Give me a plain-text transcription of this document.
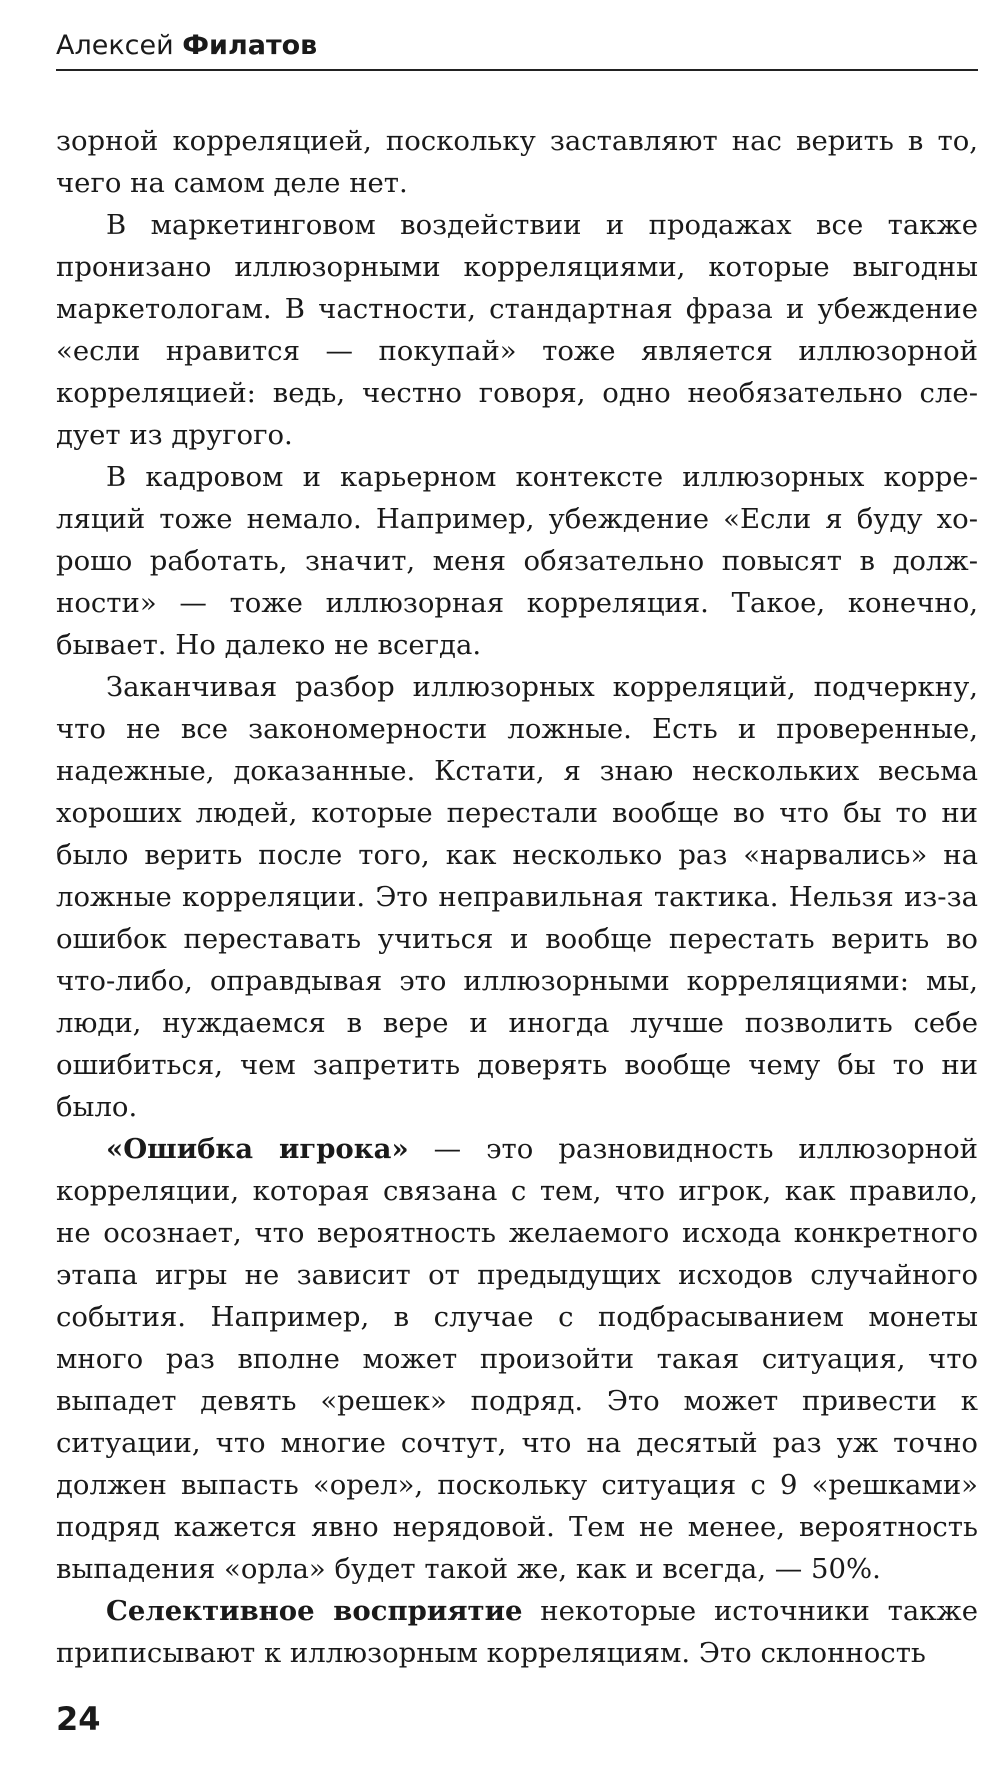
Алексей Филатов

зорной корреляцией, поскольку заставляют нас верить в то, чего на самом деле нет.

В маркетинговом воздействии и продажах все также пронизано иллюзорными корреляциями, которые выгодны маркетологам. В частности, стандартная фраза и убеждение «если нравится — покупай» тоже является иллюзорной корреляцией: ведь, честно говоря, одно необязательно следует из другого.

В кадровом и карьерном контексте иллюзорных корреляций тоже немало. Например, убеждение «Если я буду хорошо работать, значит, меня обязательно повысят в должности» — тоже иллюзорная корреляция. Такое, конечно, бывает. Но далеко не всегда.

Заканчивая разбор иллюзорных корреляций, подчеркну, что не все закономерности ложные. Есть и проверенные, надежные, доказанные. Кстати, я знаю нескольких весьма хороших людей, которые перестали вообще во что бы то ни было верить после того, как несколько раз «нарвались» на ложные корреляции. Это неправильная тактика. Нельзя из-за ошибок переставать учиться и вообще перестать верить во что-либо, оправдывая это иллюзорными корреляциями: мы, люди, нуждаемся в вере и иногда лучше позволить себе ошибиться, чем запретить доверять вообще чему бы то ни было.

«Ошибка игрока» — это разновидность иллюзорной корреляции, которая связана с тем, что игрок, как правило, не осознает, что вероятность желаемого исхода конкретного этапа игры не зависит от предыдущих исходов случайного события. Например, в случае с подбрасыванием монеты много раз вполне может произойти такая ситуация, что выпадет девять «решек» подряд. Это может привести к ситуации, что многие сочтут, что на десятый раз уж точно должен выпасть «орел», поскольку ситуация с 9 «решками» подряд кажется явно нерядовой. Тем не менее, вероятность выпадения «орла» будет такой же, как и всегда, — 50%.

Селективное восприятие некоторые источники также приписывают к иллюзорным корреляциям. Это склонность

24
